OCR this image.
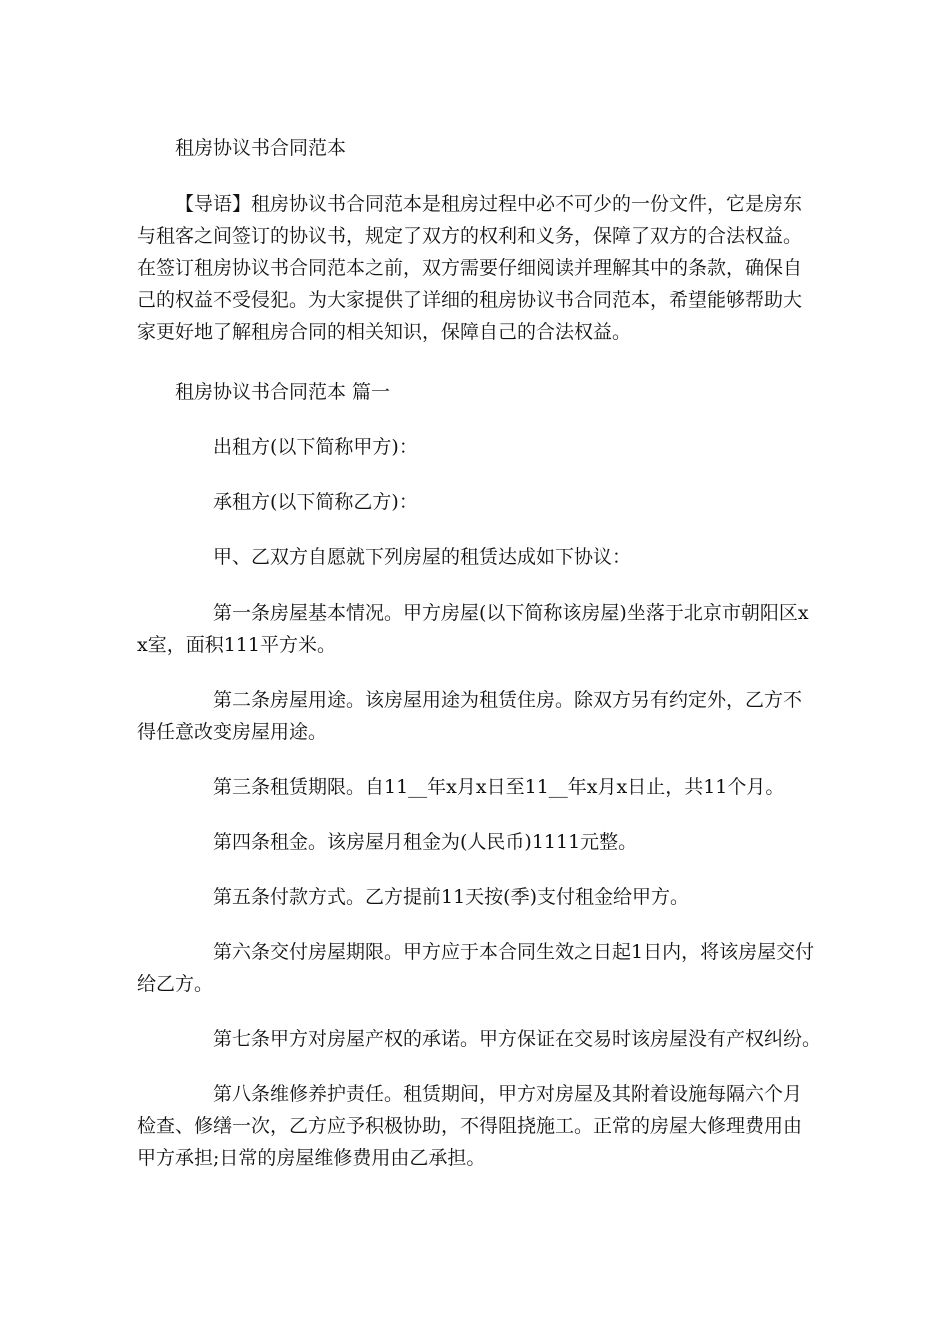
租房协议书合同范本

【导语】租房协议书合同范本是租房过程中必不可少的一份文件，它是房东与租客之间签订的协议书，规定了双方的权利和义务，保障了双方的合法权益。在签订租房协议书合同范本之前，双方需要仔细阅读并理解其中的条款，确保自己的权益不受侵犯。为大家提供了详细的租房协议书合同范本，希望能够帮助大家更好地了解租房合同的相关知识，保障自己的合法权益。

租房协议书合同范本 篇一

出租方(以下简称甲方)：

承租方(以下简称乙方)：

甲、乙双方自愿就下列房屋的租赁达成如下协议：

第一条房屋基本情况。甲方房屋(以下简称该房屋)坐落于北京市朝阳区xx室，面积111平方米。

第二条房屋用途。该房屋用途为租赁住房。除双方另有约定外，乙方不得任意改变房屋用途。

第三条租赁期限。自11__年x月x日至11__年x月x日止，共11个月。

第四条租金。该房屋月租金为(人民币)1111元整。

第五条付款方式。乙方提前11天按(季)支付租金给甲方。

第六条交付房屋期限。甲方应于本合同生效之日起1日内，将该房屋交付给乙方。

第七条甲方对房屋产权的承诺。甲方保证在交易时该房屋没有产权纠纷。

第八条维修养护责任。租赁期间，甲方对房屋及其附着设施每隔六个月检查、修缮一次，乙方应予积极协助，不得阻挠施工。正常的房屋大修理费用由甲方承担;日常的房屋维修费用由乙承担。
